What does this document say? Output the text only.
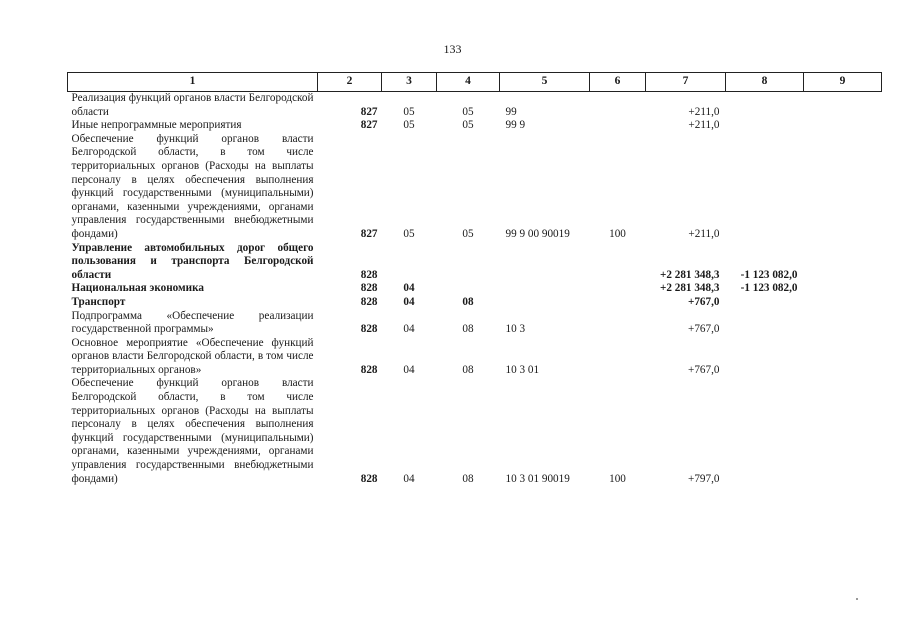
133
1	2	3	4	5	6	7	8	9
Реализация функций органов власти Белгородской области	827	05	05	99		+211,0		
Иные непрограммные мероприятия	827	05	05	99 9		+211,0		
Обеспечение функций органов власти Белгородской области, в том числе территориальных органов (Расходы на выплаты персоналу в целях обеспечения выполнения функций государственными (муниципальными) органами, казенными учреждениями, органами управления государственными внебюджетными фондами)	827	05	05	99 9 00 90019	100	+211,0		
Управление автомобильных дорог общего пользования и транспорта Белгородской области	828					+2 281 348,3	-1 123 082,0	
Национальная экономика	828	04				+2 281 348,3	-1 123 082,0	
Транспорт	828	04	08			+767,0		
Подпрограмма «Обеспечение реализации государственной программы»	828	04	08	10 3		+767,0		
Основное мероприятие «Обеспечение функций органов власти Белгородской области, в том числе территориальных органов»	828	04	08	10 3 01		+767,0		
Обеспечение функций органов власти Белгородской области, в том числе территориальных органов (Расходы на выплаты персоналу в целях обеспечения выполнения функций государственными (муниципальными) органами, казенными учреждениями, органами управления государственными внебюджетными фондами)	828	04	08	10 3 01 90019	100	+797,0		
